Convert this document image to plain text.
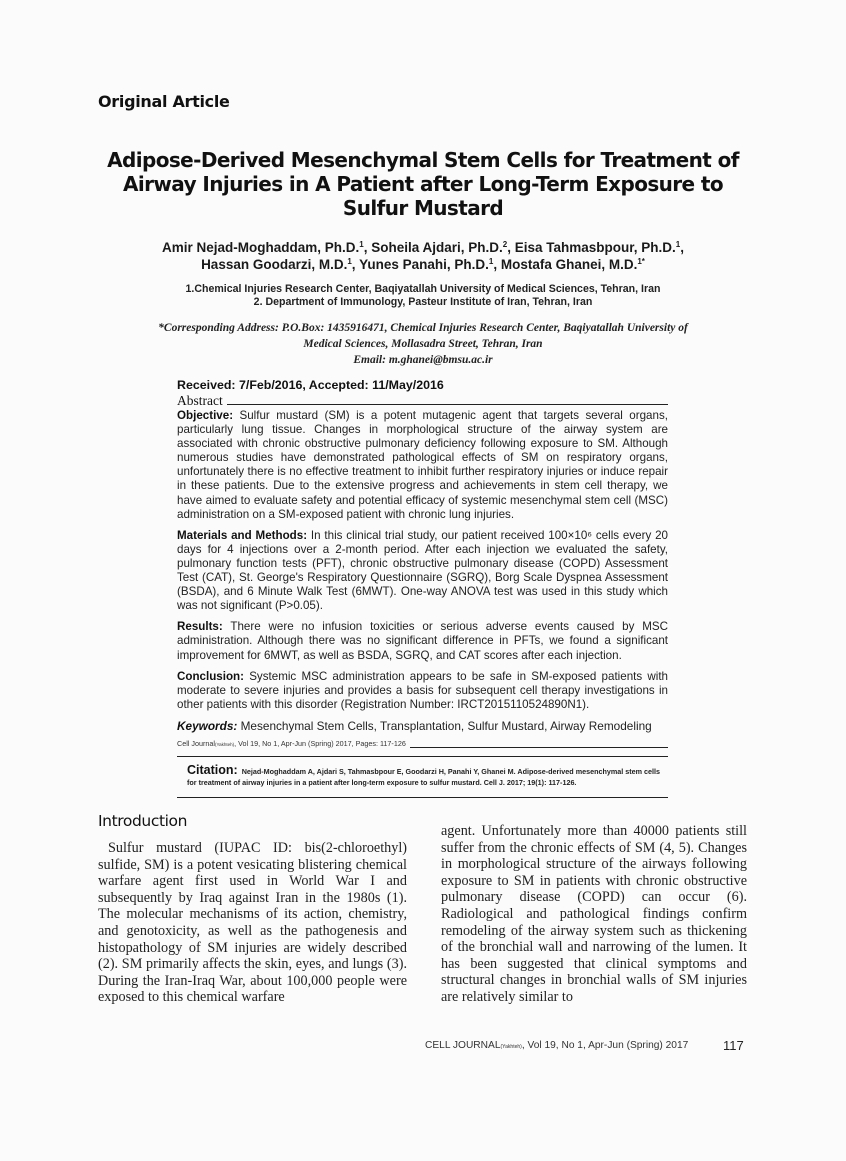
Original Article
Adipose-Derived Mesenchymal Stem Cells for Treatment of Airway Injuries in A Patient after Long-Term Exposure to Sulfur Mustard
Amir Nejad-Moghaddam, Ph.D.$^1$, Soheila Ajdari, Ph.D.$^2$, Eisa Tahmasbpour, Ph.D.$^1$,
Hassan Goodarzi, M.D.$^1$, Yunes Panahi, Ph.D.$^1$, Mostafa Ghanei, M.D.$^{1*}$
1.Chemical Injuries Research Center, Baqiyatallah University of Medical Sciences, Tehran, Iran
2. Department of Immunology, Pasteur Institute of Iran, Tehran, Iran
*Corresponding Address: P.O.Box: 1435916471, Chemical Injuries Research Center, Baqiyatallah University of
Medical Sciences, Mollasadra Street, Tehran, Iran
Email: m.ghanei@bmsu.ac.ir
Received: 7/Feb/2016, Accepted: 11/May/2016
Abstract

Objective: Sulfur mustard (SM) is a potent mutagenic agent that targets several organs, particularly lung tissue. Changes in morphological structure of the airway system are associated with chronic obstructive pulmonary deficiency following exposure to SM. Although numerous studies have demonstrated pathological effects of SM on respiratory organs, unfortunately there is no effective treatment to inhibit further respiratory injuries or induce repair in these patients. Due to the extensive progress and achievements in stem cell therapy, we have aimed to evaluate safety and potential efficacy of systemic mesenchymal stem cell (MSC) administration on a SM-exposed patient with chronic lung injuries.

Materials and Methods: In this clinical trial study, our patient received 100×10⁶ cells every 20 days for 4 injections over a 2-month period. After each injection we evaluated the safety, pulmonary function tests (PFT), chronic obstructive pulmonary disease (COPD) Assessment Test (CAT), St. George's Respiratory Questionnaire (SGRQ), Borg Scale Dyspnea Assessment (BSDA), and 6 Minute Walk Test (6MWT). One-way ANOVA test was used in this study which was not significant (P>0.05).

Results: There were no infusion toxicities or serious adverse events caused by MSC administration. Although there was no significant difference in PFTs, we found a significant improvement for 6MWT, as well as BSDA, SGRQ, and CAT scores after each injection.

Conclusion: Systemic MSC administration appears to be safe in SM-exposed patients with moderate to severe injuries and provides a basis for subsequent cell therapy investigations in other patients with this disorder (Registration Number: IRCT2015110524890N1).

Keywords: Mesenchymal Stem Cells, Transplantation, Sulfur Mustard, Airway Remodeling
Cell Journal(Yakhteh), Vol 19, No 1, Apr-Jun (Spring) 2017, Pages: 117-126
Citation: Nejad-Moghaddam A, Ajdari S, Tahmasbpour E, Goodarzi H, Panahi Y, Ghanei M. Adipose-derived mesenchymal stem cells for treatment of airway injuries in a patient after long-term exposure to sulfur mustard. Cell J. 2017; 19(1): 117-126.
Introduction
Sulfur mustard (IUPAC ID: bis(2-chloroethyl) sulfide, SM) is a potent vesicating blistering chemical warfare agent first used in World War I and subsequently by Iraq against Iran in the 1980s (1). The molecular mechanisms of its action, chemistry, and genotoxicity, as well as the pathogenesis and histopathology of SM injuries are widely described (2). SM primarily affects the skin, eyes, and lungs (3). During the Iran-Iraq War, about 100,000 people were exposed to this chemical warfare
agent. Unfortunately more than 40000 patients still suffer from the chronic effects of SM (4, 5). Changes in morphological structure of the airways following exposure to SM in patients with chronic obstructive pulmonary disease (COPD) can occur (6). Radiological and pathological findings confirm remodeling of the airway system such as thickening of the bronchial wall and narrowing of the lumen. It has been suggested that clinical symptoms and structural changes in bronchial walls of SM injuries are relatively similar to
CELL JOURNAL(Yakhteh), Vol 19, No 1, Apr-Jun (Spring) 2017	117
